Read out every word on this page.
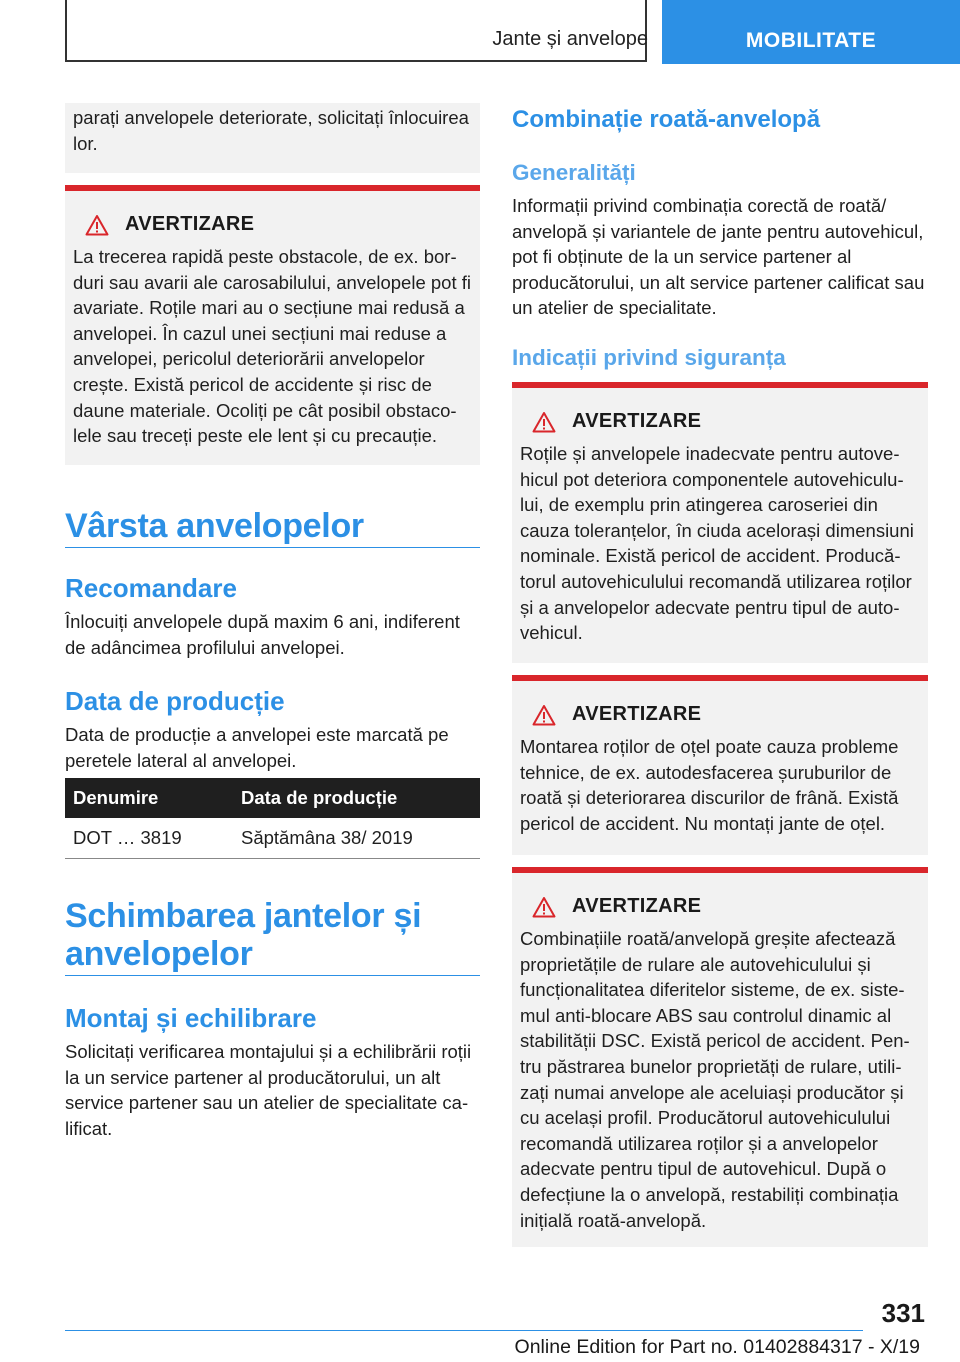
Jante și anvelope	MOBILITATE

parați anvelopele deteriorate, solicitați înlocuirea lor.

AVERTIZARE

La trecerea rapidă peste obstacole, de ex. borduri sau avarii ale carosabilului, anvelopele pot fi avariate. Roțile mari au o secțiune mai redusă a anvelopei. În cazul unei secțiuni mai reduse a anvelopei, pericolul deteriorării anvelopelor crește. Există pericol de accidente și risc de daune materiale. Ocoliți pe cât posibil obstacolele sau treceți peste ele lent și cu precauție.

Vârsta anvelopelor
Recomandare

Înlocuiți anvelopele după maxim 6 ani, indiferent de adâncimea profilului anvelopei.

Data de producție

Data de producție a anvelopei este marcată pe peretele lateral al anvelopei.

Denumire	Data de producție
DOT … 3819	Săptămâna 38/ 2019
Schimbarea jantelor și anvelopelor
Montaj și echilibrare

Solicitați verificarea montajului și a echilibrării roții la un service partener al producătorului, un alt service partener sau un atelier de specialitate calificat.

Combinație roată-anvelopă
Generalități

Informații privind combinația corectă de roată/ anvelopă și variantele de jante pentru autovehicul, pot fi obținute de la un service partener al producătorului, un alt service partener calificat sau un atelier de specialitate.

Indicații privind siguranța
AVERTIZARE

Roțile și anvelopele inadecvate pentru autovehicul pot deteriora componentele autovehiculului, de exemplu prin atingerea caroseriei din cauza toleranțelor, în ciuda acelorași dimensiuni nominale. Există pericol de accident. Producătorul autovehiculului recomandă utilizarea roților și a anvelopelor adecvate pentru tipul de autovehicul.

AVERTIZARE

Montarea roților de oțel poate cauza probleme tehnice, de ex. autodesfacerea șuruburilor de roată și deteriorarea discurilor de frână. Există pericol de accident. Nu montați jante de oțel.

AVERTIZARE

Combinațiile roată/anvelopă greșite afectează proprietățile de rulare ale autovehiculului și funcționalitatea diferitelor sisteme, de ex. sistemul anti-blocare ABS sau controlul dinamic al stabilității DSC. Există pericol de accident. Pentru păstrarea bunelor proprietăți de rulare, utilizați numai anvelope ale aceluiași producător și cu același profil. Producătorul autovehiculului recomandă utilizarea roților și a anvelopelor adecvate pentru tipul de autovehicul. După o defecțiune la o anvelopă, restabiliți combinația inițială roată-anvelopă.

331
Online Edition for Part no. 01402884317 - X/19
